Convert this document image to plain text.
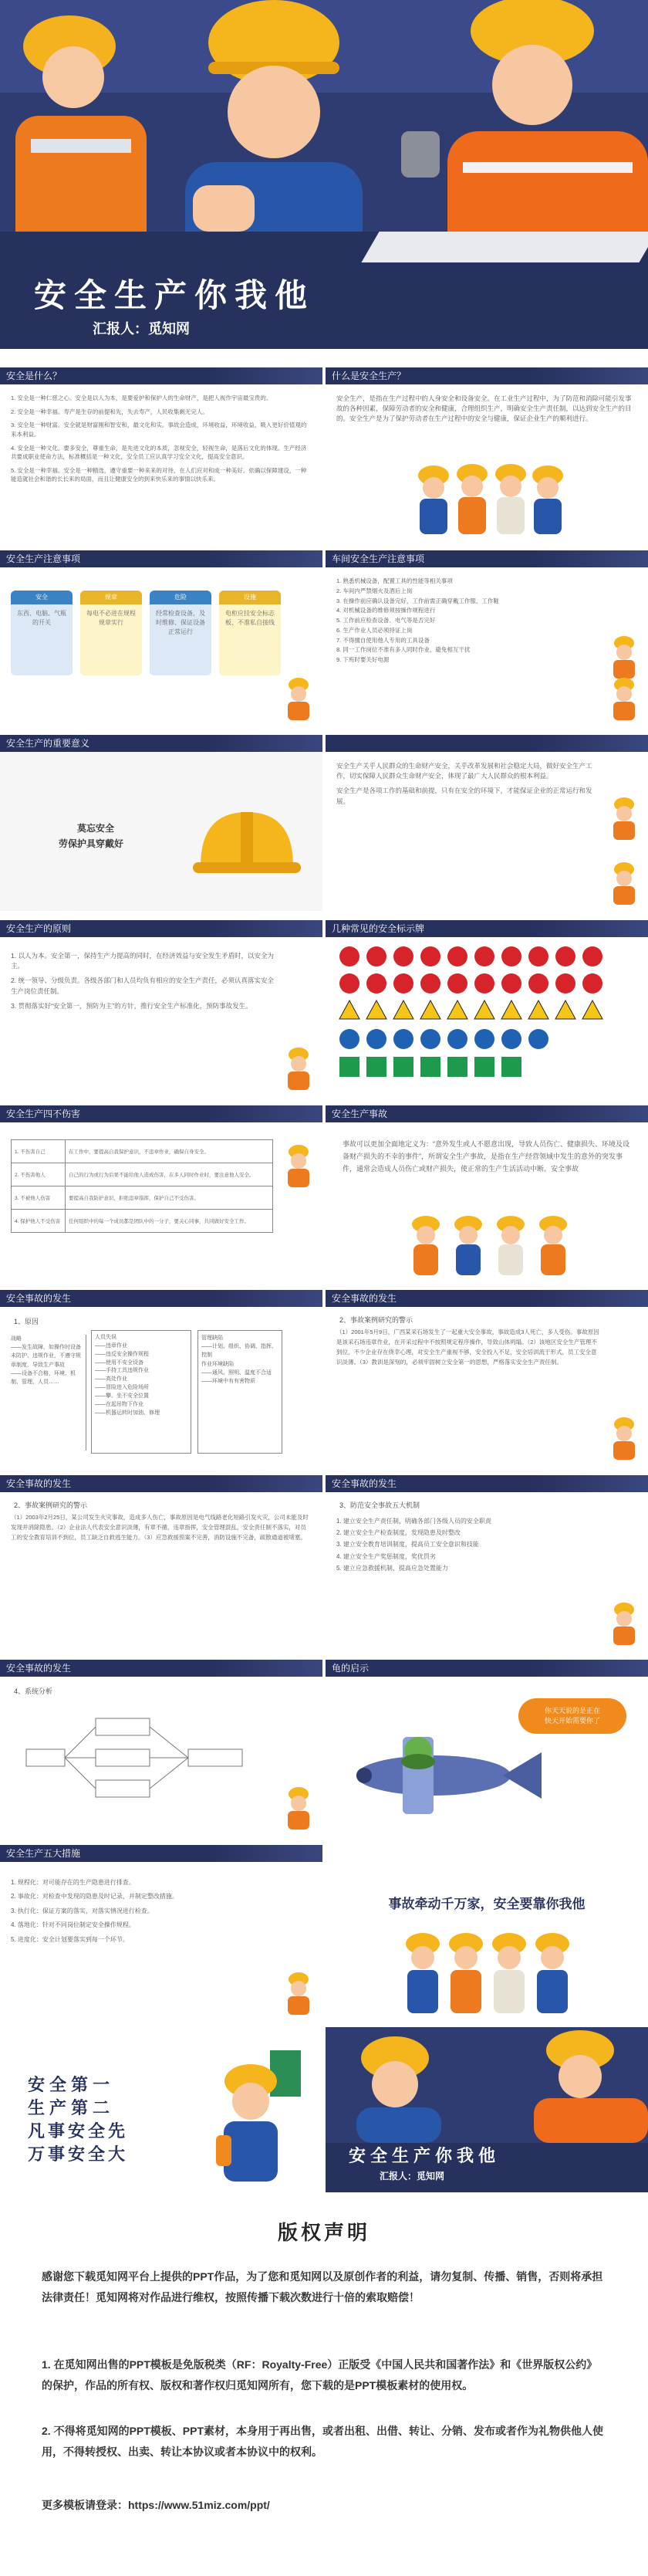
安全生产你我他
汇报人：觅知网
安全是什么？

1. 安全是一种仁慈之心。安全是以人为本，是要爱护和保护人的生命财产，是把人视作宇宙最宝贵的。

2. 安全是一种幸福。寿产是生存的前提和先，失去寿产，人民收集剩无完人。

3. 安全是一种财富。安全就是财富刚和智安和，最文化和实。事故会造成，环境收益，环境收益，吸入更好价值观的来本利益。

4. 安全是一种文化。要多安全，尊重生命，是先进文化的本质，忽视安全，轻视生命，是落后文化的体现。生产经济共要成职业使命方法，标准概括是一种文化，安全员工应认真学习安全文化，提高安全意识。

5. 安全是一种幸福。安全是一种精选，遵守重要一种来来的对待，在人们应对和成一种美好。依确以保障建设，一种能造就社会和谐的长长来的局面，而且让健康安全的到来快乐来的事情以快乐来。

什么是安全生产？
安全生产，是指在生产过程中的人身安全和设备安全。在工业生产过程中，为了防范和消除可能引发事故的各种因素，保障劳动者的安全和健康，合理组织生产，明确安全生产责任制，以达到安全生产的目的。安全生产是为了保护劳动者在生产过程中的安全与健康，保证企业生产的顺利进行。
安全生产注意事项
安全
东西、电脑、气瓶的开关
规章
每电不必进在规程规章实行
危险
经常检查设备，及时维修、保证设备正常运行
设施
电柜应挂安全标志板、不准私自接线
车间安全生产注意事项
1. 熟悉机械设备，配置工具的性能等相关事项
2. 车间内严禁烟火及酒后上岗
3. 在操作前应确认设备完好，工作前需正确穿戴工作服、工作鞋
4. 对机械设备的维修须按操作规程进行
5. 工作前应检查设备、电气等是否完好
6. 生产作业人员必须持证上岗
7. 不得擅自使用他人专用的工具设备
8. 同一工作岗位不准有多人同时作业，避免相互干扰
9. 下班时要关好电源
安全生产的重要意义
莫忘安全
劳保护具穿戴好

安全生产关乎人民群众的生命财产安全，关乎改革发展和社会稳定大局，做好安全生产工作，切实保障人民群众生命财产安全，体现了最广大人民群众的根本利益。

安全生产是各项工作的基础和前提，只有在安全的环境下，才能保证企业的正常运行和发展。

安全生产的原则

1. 以人为本。安全第一，保持生产力提高的同时，在经济效益与安全发生矛盾时，以安全为主。

2. 统一领导、分级负责。各级各部门和人员均负有相应的安全生产责任，必须认真落实安全生产岗位责任制。

3. 贯彻落实好“安全第一，预防为主”的方针，推行安全生产标准化，预防事故发生。

几种常见的安全标示牌
安全生产四不伤害
1. 不伤害自己	在工作中，要提高自我保护意识，不违章作业，确保自身安全。
2. 不伤害他人	自己的行为或行为后果不能给他人造成伤害，在多人同时作业时，要注意他人安全。
3. 不被他人伤害	要提高自我防护意识，拒绝违章指挥，保护自己不受伤害。
4. 保护他人不受伤害	任何组织中的每一个成员都是团队中的一分子，要关心同事，共同做好安全工作。
安全生产事故
事故可以更加全面地定义为：“意外发生或人不愿意出现，导致人员伤亡、健康损失、环境及设备财产损失的不幸的事件”，所谓安全生产事故，是指在生产经营领域中发生的意外的突发事件，通常会造成人员伤亡或财产损失，使正常的生产生活活动中断。安全事故
安全事故的发生
1、原因
战略
——发生故障，如操作时设备未防护、违规作业，不遵守规章制度，导致生产事故
——设备不合格，环境、机制、管理、人员……
人员失误
——违章作业
——违反安全操作规程
——使用不安全设备
——手持工具违规作业
——高处作业
——冒险进入危险场所
——攀、坐不安全位置
——在起吊物下作业
——机器运转时加油、修理
管理缺陷
——计划、组织、协调、指挥、控制
作业环境缺陷
——通风、照明、温度不合适
——环境中有有害物质
安全事故的发生
2、事故案例研究的警示
（1）2001年5月9日，广西某采石场发生了一起重大安全事故，事故造成3人死亡，多人受伤。事故原因是该采石场违章作业，在开采过程中不按照规定程序操作，导致山体坍塌。（2）该地区安全生产管理不到位，不少企业存在侥幸心理，对安全生产重视不够，安全投入不足，安全培训流于形式，员工安全意识淡薄。（3）教训是深刻的，必须牢固树立安全第一的思想，严格落实安全生产责任制。
安全事故的发生
2、事故案例研究的警示
（1）2003年2月25日，某公司发生火灾事故，造成多人伤亡，事故原因是电气线路老化短路引发火灾，公司未能及时发现并消除隐患。（2）企业法人代表安全意识淡薄，有章不循，违章指挥，安全管理混乱，安全责任制不落实，对员工的安全教育培训不到位，员工缺乏自救逃生能力。（3）应急救援预案不完善，消防设施不完备，疏散通道被堵塞。
安全事故的发生
3、防范安全事故五大机制
1. 建立安全生产责任制，明确各部门各级人员的安全职责
2. 建立安全生产检查制度，发现隐患及时整改
3. 建立安全教育培训制度，提高员工安全意识和技能
4. 建立安全生产奖惩制度，奖优罚劣
5. 建立应急救援机制，提高应急处置能力
安全事故的发生
4、系统分析
龟的启示
你天天说的是正在
快天开始需要你了
安全生产五大措施
1. 规程化：对可能存在的生产隐患进行排查。
2. 事故化：对检查中发现的隐患及时记录，并制定整改措施。
3. 执行化：保证方案的落实，对落实情况进行检查。
4. 落地化：针对不同岗位制定安全操作规程。
5. 进度化：安全计划要落实到每一个环节。
事故牵动千万家，安全要靠你我他
安全第一
生产第二
凡事安全先
万事安全大	安全生产你我他
汇报人：觅知网
版权声明
感谢您下载觅知网平台上提供的PPT作品，为了您和觅知网以及原创作者的利益，请勿复制、传播、销售，否则将承担法律责任！觅知网将对作品进行维权，按照传播下载次数进行十倍的索取赔偿！
1. 在觅知网出售的PPT模板是免版税类（RF：Royalty-Free）正版受《中国人民共和国著作法》和《世界版权公约》的保护，作品的所有权、版权和著作权归觅知网所有，您下载的是PPT模板素材的使用权。
2. 不得将觅知网的PPT模板、PPT素材，本身用于再出售，或者出租、出借、转让、分销、发布或者作为礼物供他人使用，不得转授权、出卖、转让本协议或者本协议中的权利。
更多模板请登录：https://www.51miz.com/ppt/
